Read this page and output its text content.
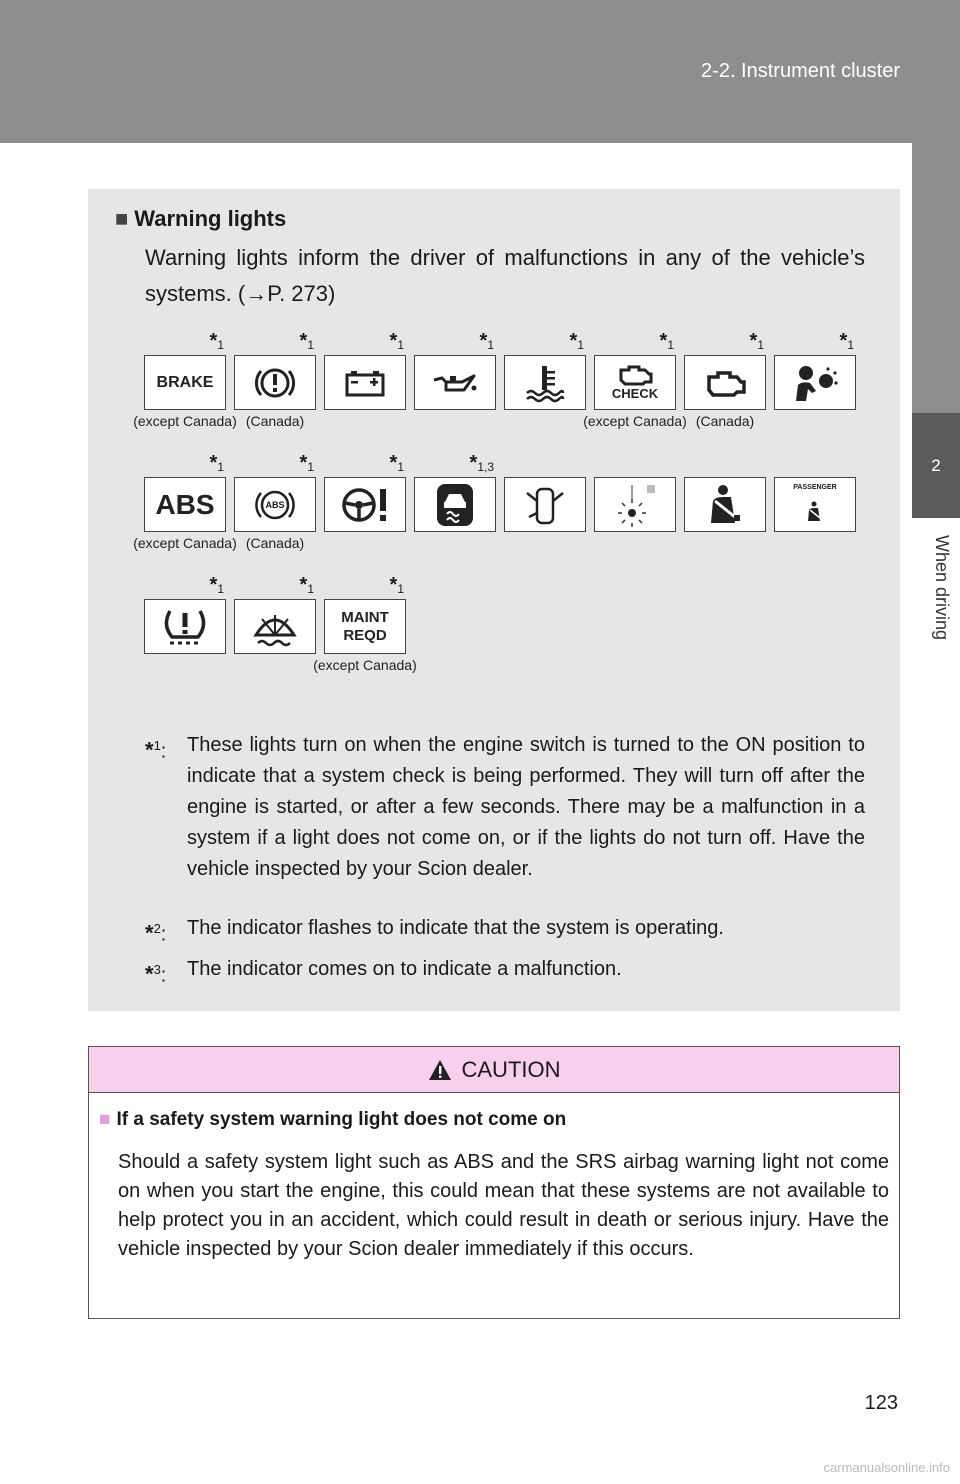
2-2. Instrument cluster
2
When driving
■ Warning lights
Warning lights inform the driver of malfunctions in any of the vehicle’s systems. (→P. 273)
$*_1$
BRAKE
(except Canada)
$*_1$
(Canada)
$*_1$	$*_1$	$*_1$	$*_1$
CHECK
(except Canada)
$*_1$
(Canada)
$*_1$
$*_1$
ABS
(except Canada)
$*_1$
ABS
(Canada)
$*_1$	$*_{1,3}$
PASSENGER
$*_1$	$*_1$	$*_1$
MAINT
REQD
(except Canada)
*$^1$: These lights turn on when the engine switch is turned to the ON position to indicate that a system check is being performed. They will turn off after the engine is started, or after a few seconds. There may be a malfunction in a system if a light does not come on, or if the lights do not turn off. Have the vehicle inspected by your Scion dealer.
*$^2$: The indicator flashes to indicate that the system is operating.
*$^3$: The indicator comes on to indicate a malfunction.
CAUTION
■ If a safety system warning light does not come on
Should a safety system light such as ABS and the SRS airbag warning light not come on when you start the engine, this could mean that these systems are not available to help protect you in an accident, which could result in death or serious injury. Have the vehicle inspected by your Scion dealer immediately if this occurs.
123
carmanualsonline.info
